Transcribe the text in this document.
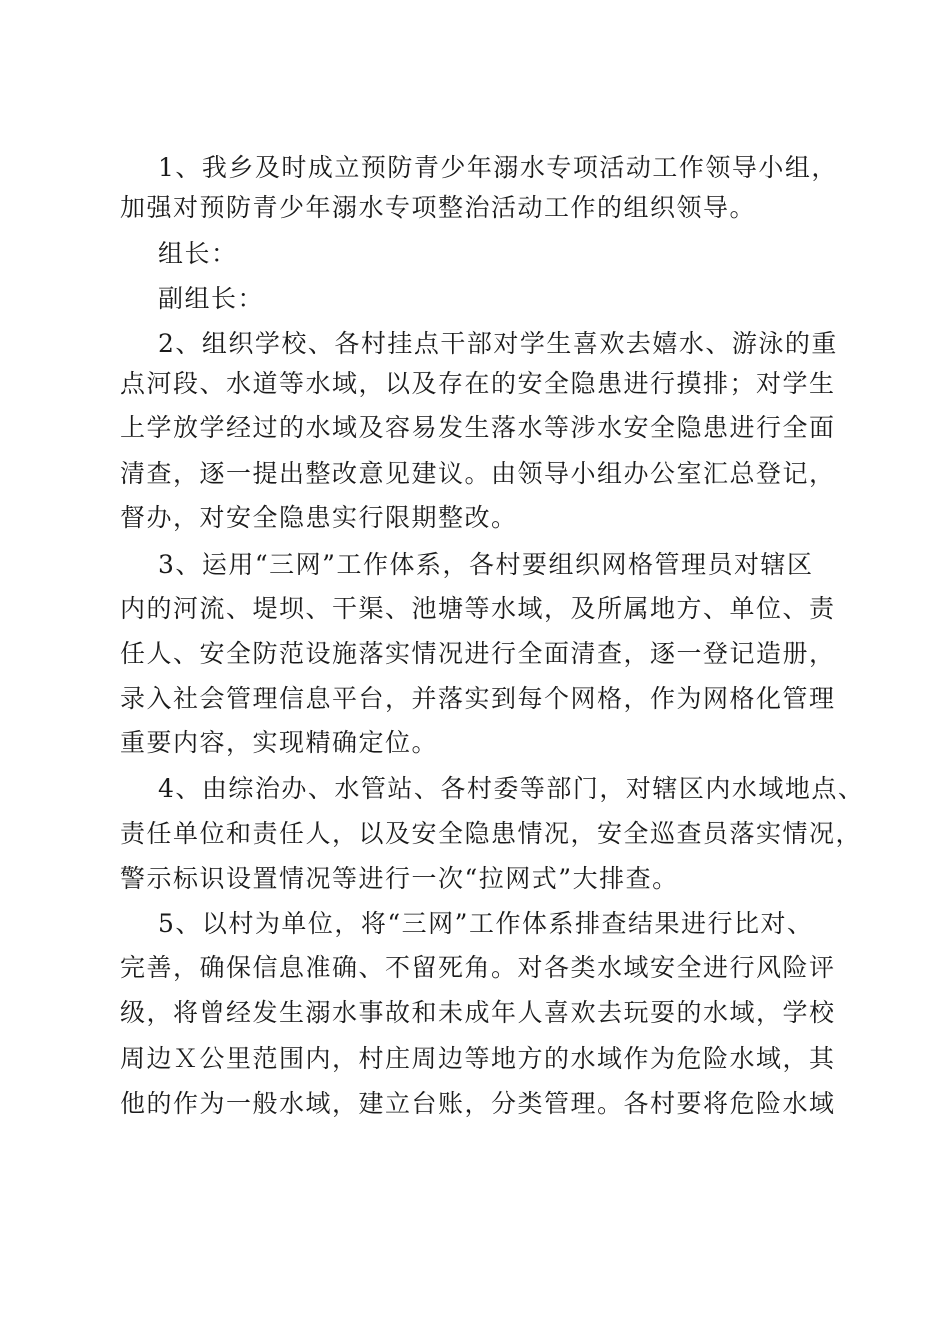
1、我乡及时成立预防青少年溺水专项活动工作领导小组，
加强对预防青少年溺水专项整治活动工作的组织领导。
组长：
副组长：
2、组织学校、各村挂点干部对学生喜欢去嬉水、游泳的重
点河段、水道等水域，以及存在的安全隐患进行摸排；对学生
上学放学经过的水域及容易发生落水等涉水安全隐患进行全面
清查，逐一提出整改意见建议。由领导小组办公室汇总登记，
督办，对安全隐患实行限期整改。
3、运用“三网”工作体系，各村要组织网格管理员对辖区
内的河流、堤坝、干渠、池塘等水域，及所属地方、单位、责
任人、安全防范设施落实情况进行全面清查，逐一登记造册，
录入社会管理信息平台，并落实到每个网格，作为网格化管理
重要内容，实现精确定位。
4、由综治办、水管站、各村委等部门，对辖区内水域地点、
责任单位和责任人，以及安全隐患情况，安全巡查员落实情况，
警示标识设置情况等进行一次“拉网式”大排查。
5、以村为单位，将“三网”工作体系排查结果进行比对、
完善，确保信息准确、不留死角。对各类水域安全进行风险评
级，将曾经发生溺水事故和未成年人喜欢去玩耍的水域，学校
周边Ｘ公里范围内，村庄周边等地方的水域作为危险水域，其
他的作为一般水域，建立台账，分类管理。各村要将危险水域
